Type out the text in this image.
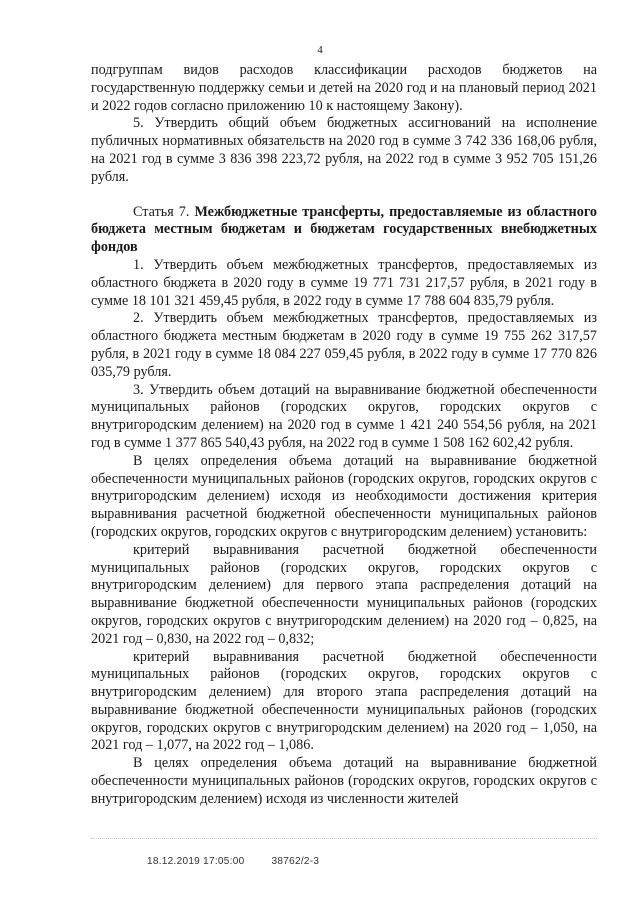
4

подгруппам видов расходов классификации расходов бюджетов на государственную поддержку семьи и детей на 2020 год и на плановый период 2021 и 2022 годов согласно приложению 10 к настоящему Закону).

5. Утвердить общий объем бюджетных ассигнований на исполнение публичных нормативных обязательств на 2020 год в сумме 3 742 336 168,06 рубля, на 2021 год в сумме 3 836 398 223,72 рубля, на 2022 год в сумме 3 952 705 151,26 рубля.

Статья 7. Межбюджетные трансферты, предоставляемые из областного бюджета местным бюджетам и бюджетам государственных внебюджетных фондов

1. Утвердить объем межбюджетных трансфертов, предоставляемых из областного бюджета в 2020 году в сумме 19 771 731 217,57 рубля, в 2021 году в сумме 18 101 321 459,45 рубля, в 2022 году в сумме 17 788 604 835,79 рубля.

2. Утвердить объем межбюджетных трансфертов, предоставляемых из областного бюджета местным бюджетам в 2020 году в сумме 19 755 262 317,57 рубля, в 2021 году в сумме 18 084 227 059,45 рубля, в 2022 году в сумме 17 770 826 035,79 рубля.

3. Утвердить объем дотаций на выравнивание бюджетной обеспеченности муниципальных районов (городских округов, городских округов с внутригородским делением) на 2020 год в сумме 1 421 240 554,56 рубля, на 2021 год в сумме 1 377 865 540,43 рубля, на 2022 год в сумме 1 508 162 602,42 рубля.

В целях определения объема дотаций на выравнивание бюджетной обеспеченности муниципальных районов (городских округов, городских округов с внутригородским делением) исходя из необходимости достижения критерия выравнивания расчетной бюджетной обеспеченности муниципальных районов (городских округов, городских округов с внутригородским делением) установить:

критерий выравнивания расчетной бюджетной обеспеченности муниципальных районов (городских округов, городских округов с внутригородским делением) для первого этапа распределения дотаций на выравнивание бюджетной обеспеченности муниципальных районов (городских округов, городских округов с внутригородским делением) на 2020 год – 0,825, на 2021 год – 0,830, на 2022 год – 0,832;

критерий выравнивания расчетной бюджетной обеспеченности муниципальных районов (городских округов, городских округов с внутригородским делением) для второго этапа распределения дотаций на выравнивание бюджетной обеспеченности муниципальных районов (городских округов, городских округов с внутригородским делением) на 2020 год – 1,050, на 2021 год – 1,077, на 2022 год – 1,086.

В целях определения объема дотаций на выравнивание бюджетной обеспеченности муниципальных районов (городских округов, городских округов с внутригородским делением) исходя из численности жителей

18.12.2019 17:05:00	38762/2-3
